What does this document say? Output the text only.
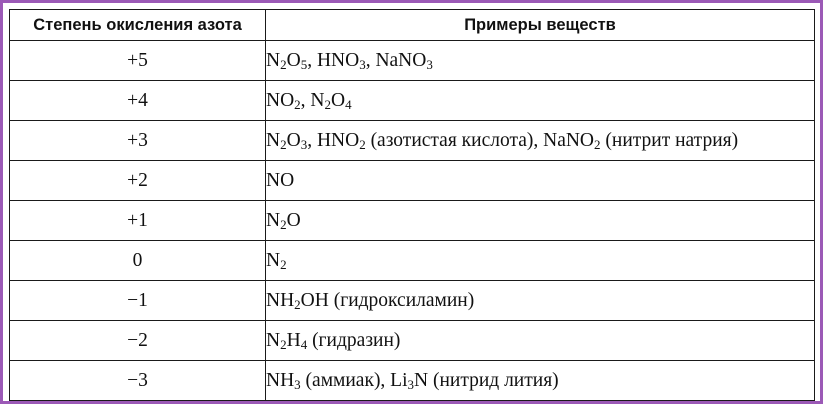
Степень окисления азота	Примеры веществ
+5	$N_2O_5$, $HNO_3$, NaNO$_3$
+4	$NO_2$, $N_2O_4$
+3	$N_2O_3$, $HNO_2$ (азотистая кислота), NaNO$_2$ (нитрит натрия)
+2	NO
+1	$N_2O$
0	$N_2$
−1	$NH_2OH$ (гидроксиламин)
−2	$N_2H_4$ (гидразин)
−3	$NH_3$ (аммиак), $Li_3N$ (нитрид лития)
